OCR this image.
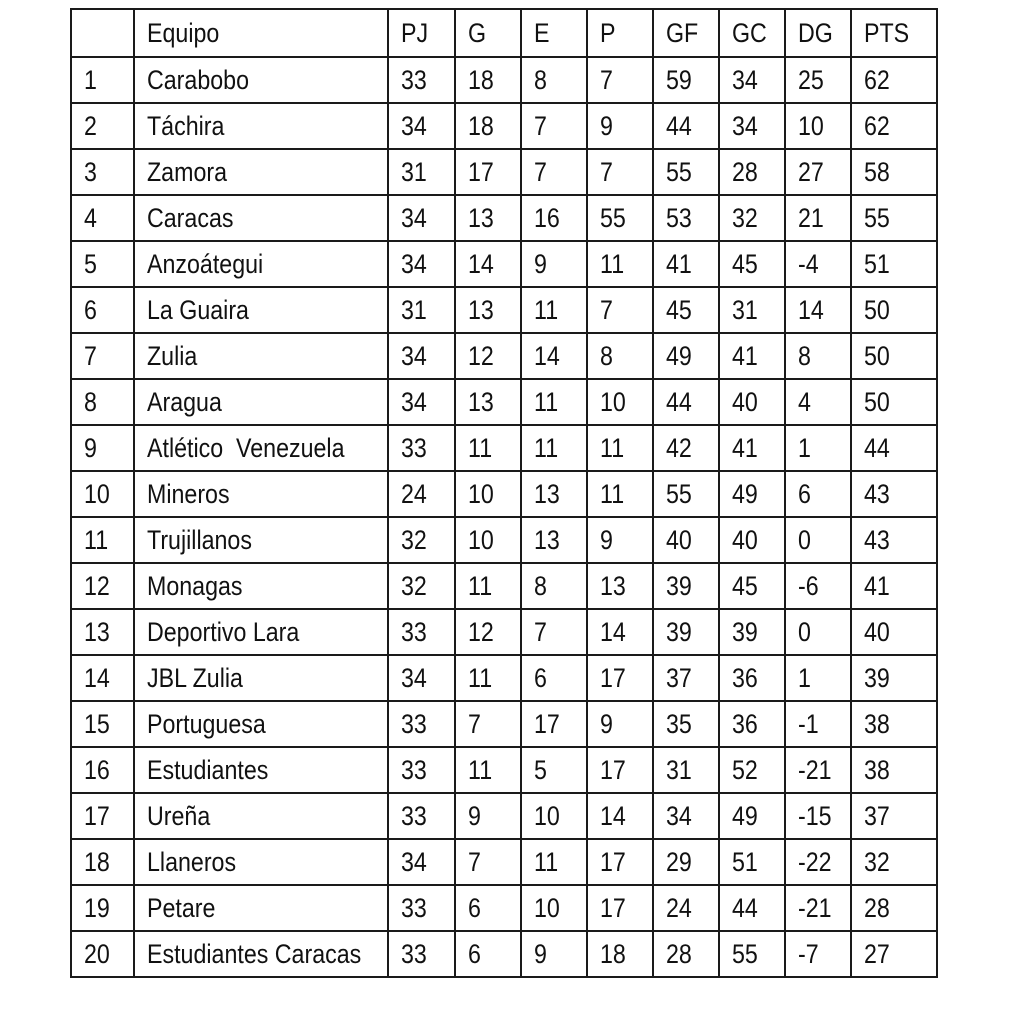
	Equipo	PJ	G	E	P	GF	GC	DG	PTS
1	Carabobo	33	18	8	7	59	34	25	62
2	Táchira	34	18	7	9	44	34	10	62
3	Zamora	31	17	7	7	55	28	27	58
4	Caracas	34	13	16	55	53	32	21	55
5	Anzoátegui	34	14	9	11	41	45	-4	51
6	La Guaira	31	13	11	7	45	31	14	50
7	Zulia	34	12	14	8	49	41	8	50
8	Aragua	34	13	11	10	44	40	4	50
9	Atlético  Venezuela	33	11	11	11	42	41	1	44
10	Mineros	24	10	13	11	55	49	6	43
11	Trujillanos	32	10	13	9	40	40	0	43
12	Monagas	32	11	8	13	39	45	-6	41
13	Deportivo Lara	33	12	7	14	39	39	0	40
14	JBL Zulia	34	11	6	17	37	36	1	39
15	Portuguesa	33	7	17	9	35	36	-1	38
16	Estudiantes	33	11	5	17	31	52	-21	38
17	Ureña	33	9	10	14	34	49	-15	37
18	Llaneros	34	7	11	17	29	51	-22	32
19	Petare	33	6	10	17	24	44	-21	28
20	Estudiantes Caracas	33	6	9	18	28	55	-7	27
